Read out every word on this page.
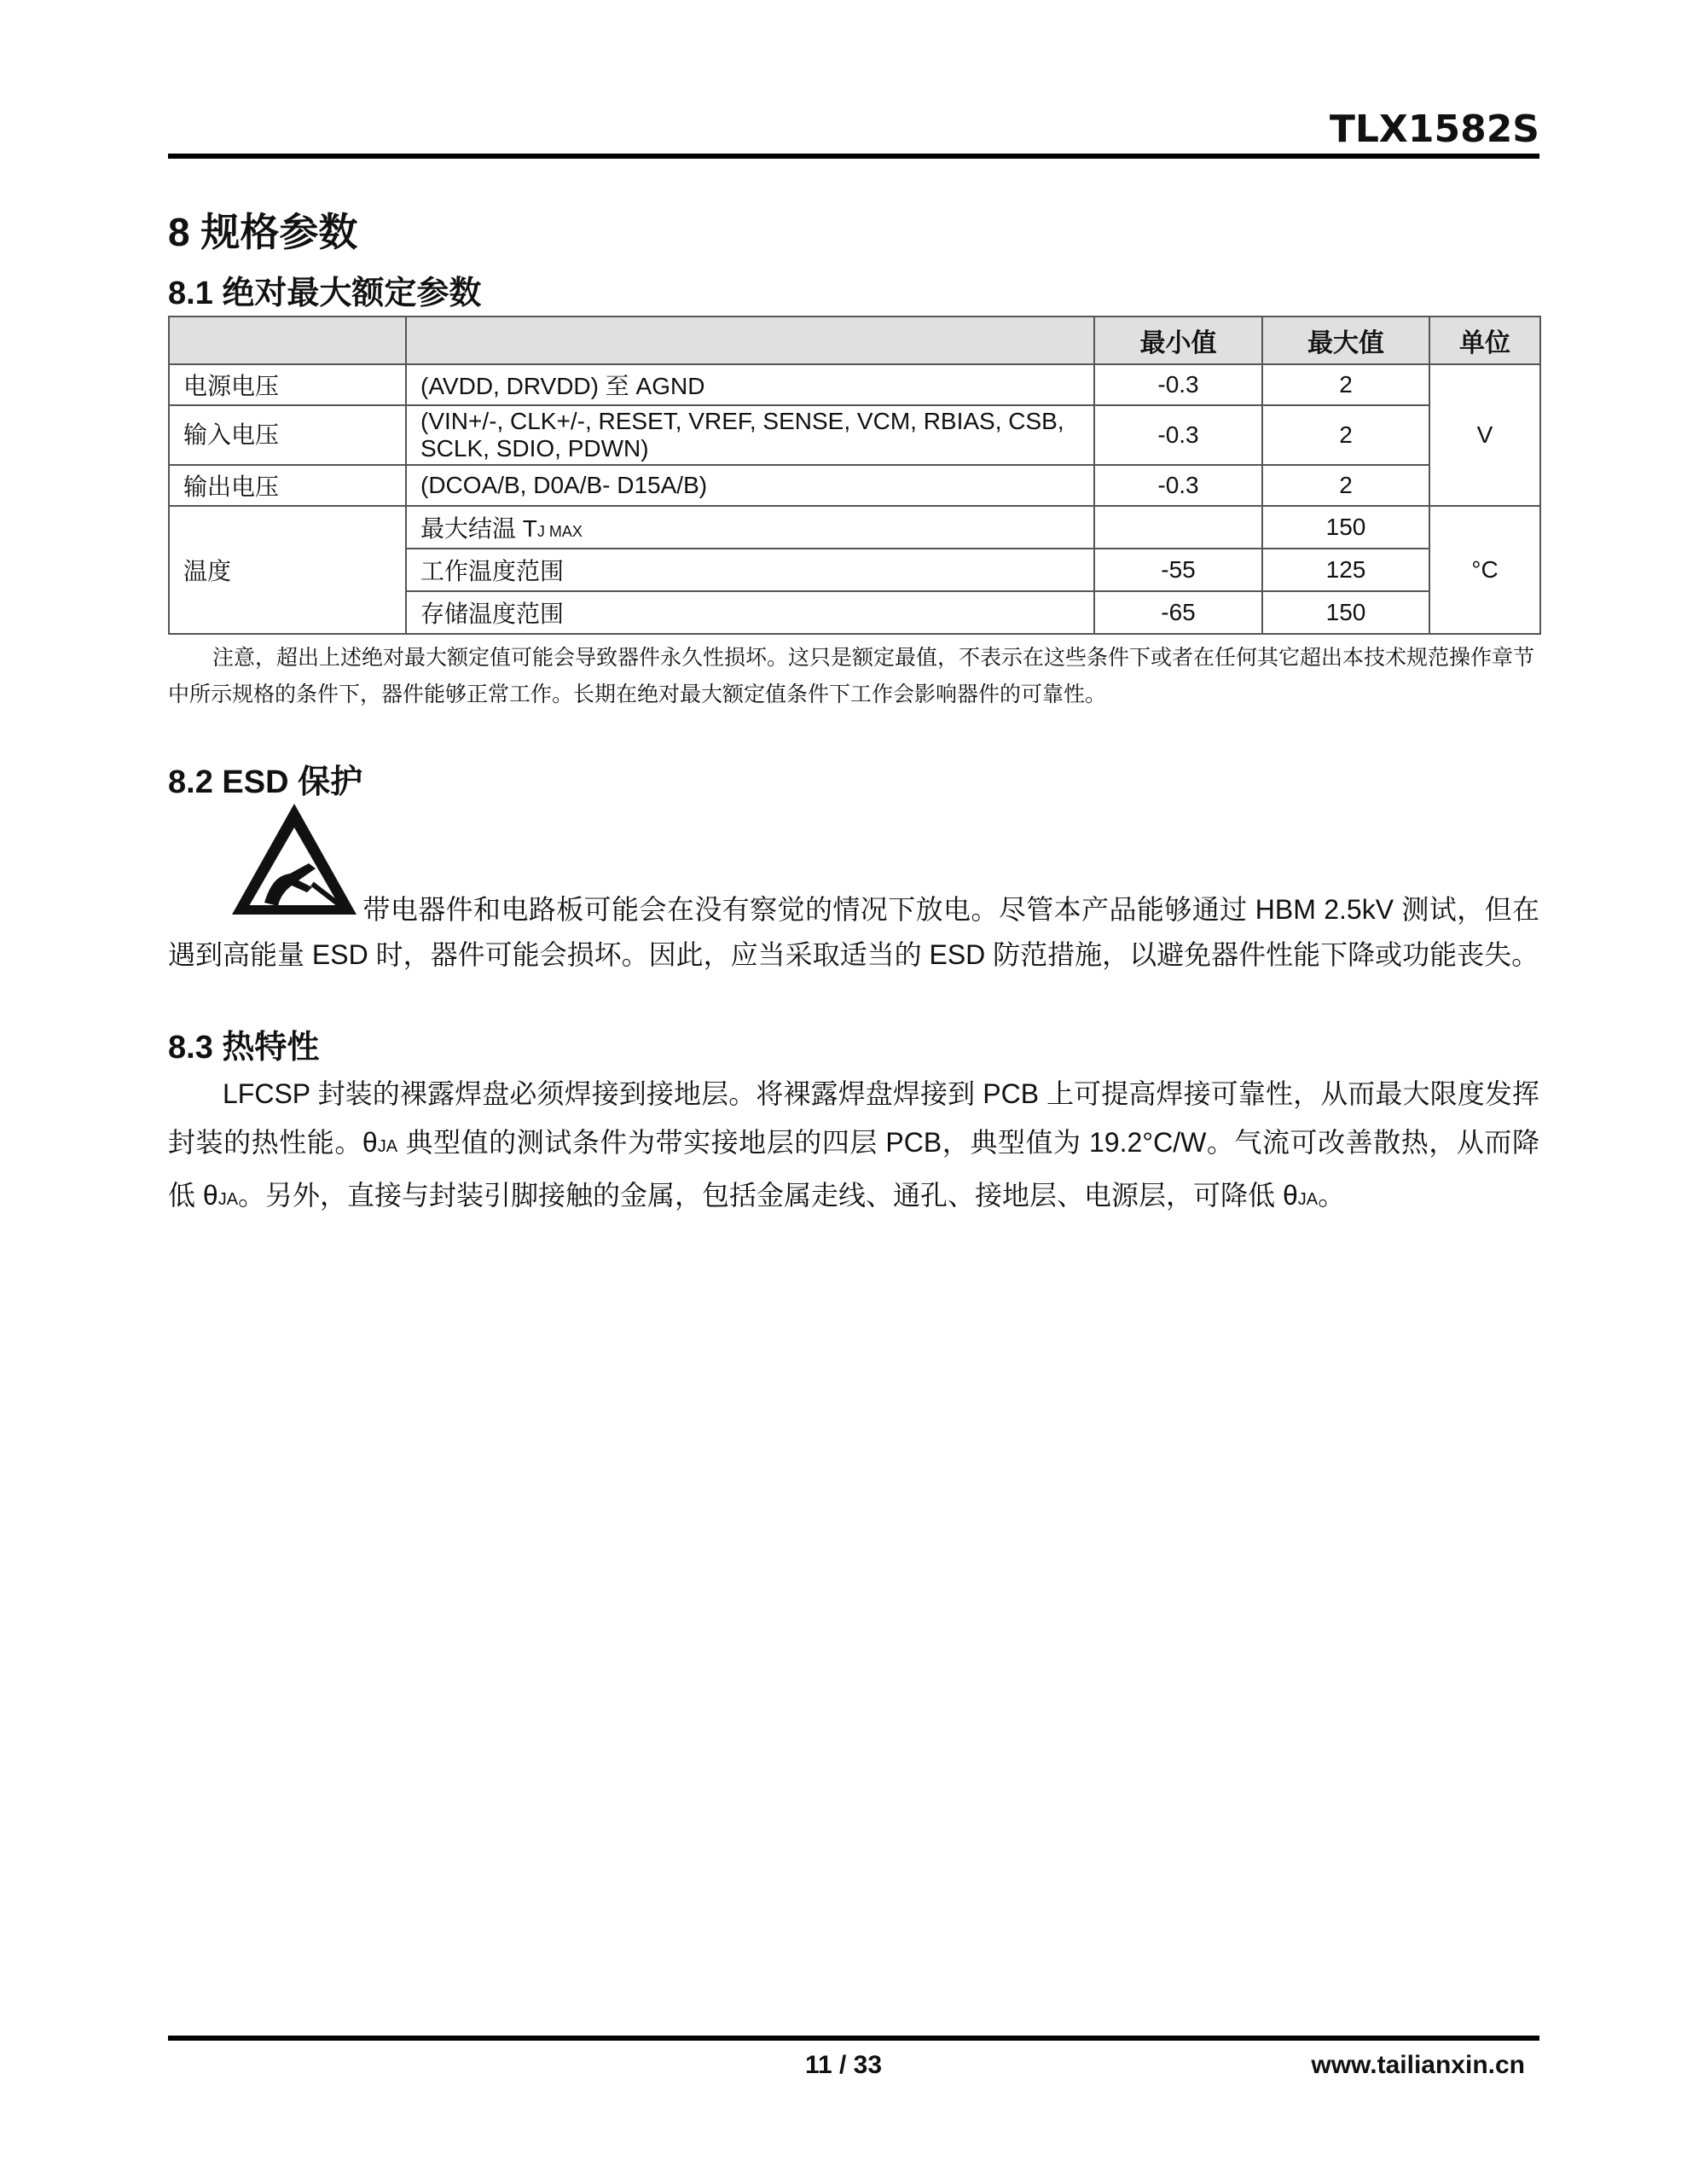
TLX1582S
8 规格参数
8.1 绝对最大额定参数
		最小值	最大值	单位
电源电压	(AVDD, DRVDD) 至 AGND	-0.3	2	V
输入电压	(VIN+/-, CLK+/-, RESET, VREF, SENSE, VCM, RBIAS, CSB, SCLK, SDIO, PDWN)	-0.3	2	
输出电压	(DCOA/B, D0A/B- D15A/B)	-0.3	2	
温度	最大结温 TJ MAX		150	°C
	工作温度范围	-55	125	
	存储温度范围	-65	150	
注意，超出上述绝对最大额定值可能会导致器件永久性损坏。这只是额定最值，不表示在这些条件下或者在任何其它超出本技术规范操作章节中所示规格的条件下，器件能够正常工作。长期在绝对最大额定值条件下工作会影响器件的可靠性。
8.2 ESD 保护
带电器件和电路板可能会在没有察觉的情况下放电。尽管本产品能够通过 HBM 2.5kV 测试，但在遇到高能量 ESD 时，器件可能会损坏。因此，应当采取适当的 ESD 防范措施，以避免器件性能下降或功能丧失。
8.3 热特性
LFCSP 封装的裸露焊盘必须焊接到接地层。将裸露焊盘焊接到 PCB 上可提高焊接可靠性，从而最大限度发挥封装的热性能。θJA 典型值的测试条件为带实接地层的四层 PCB，典型值为 19.2°C/W。气流可改善散热，从而降低 θJA。另外，直接与封装引脚接触的金属，包括金属走线、通孔、接地层、电源层，可降低 θJA。
11 / 33	www.tailianxin.cn
